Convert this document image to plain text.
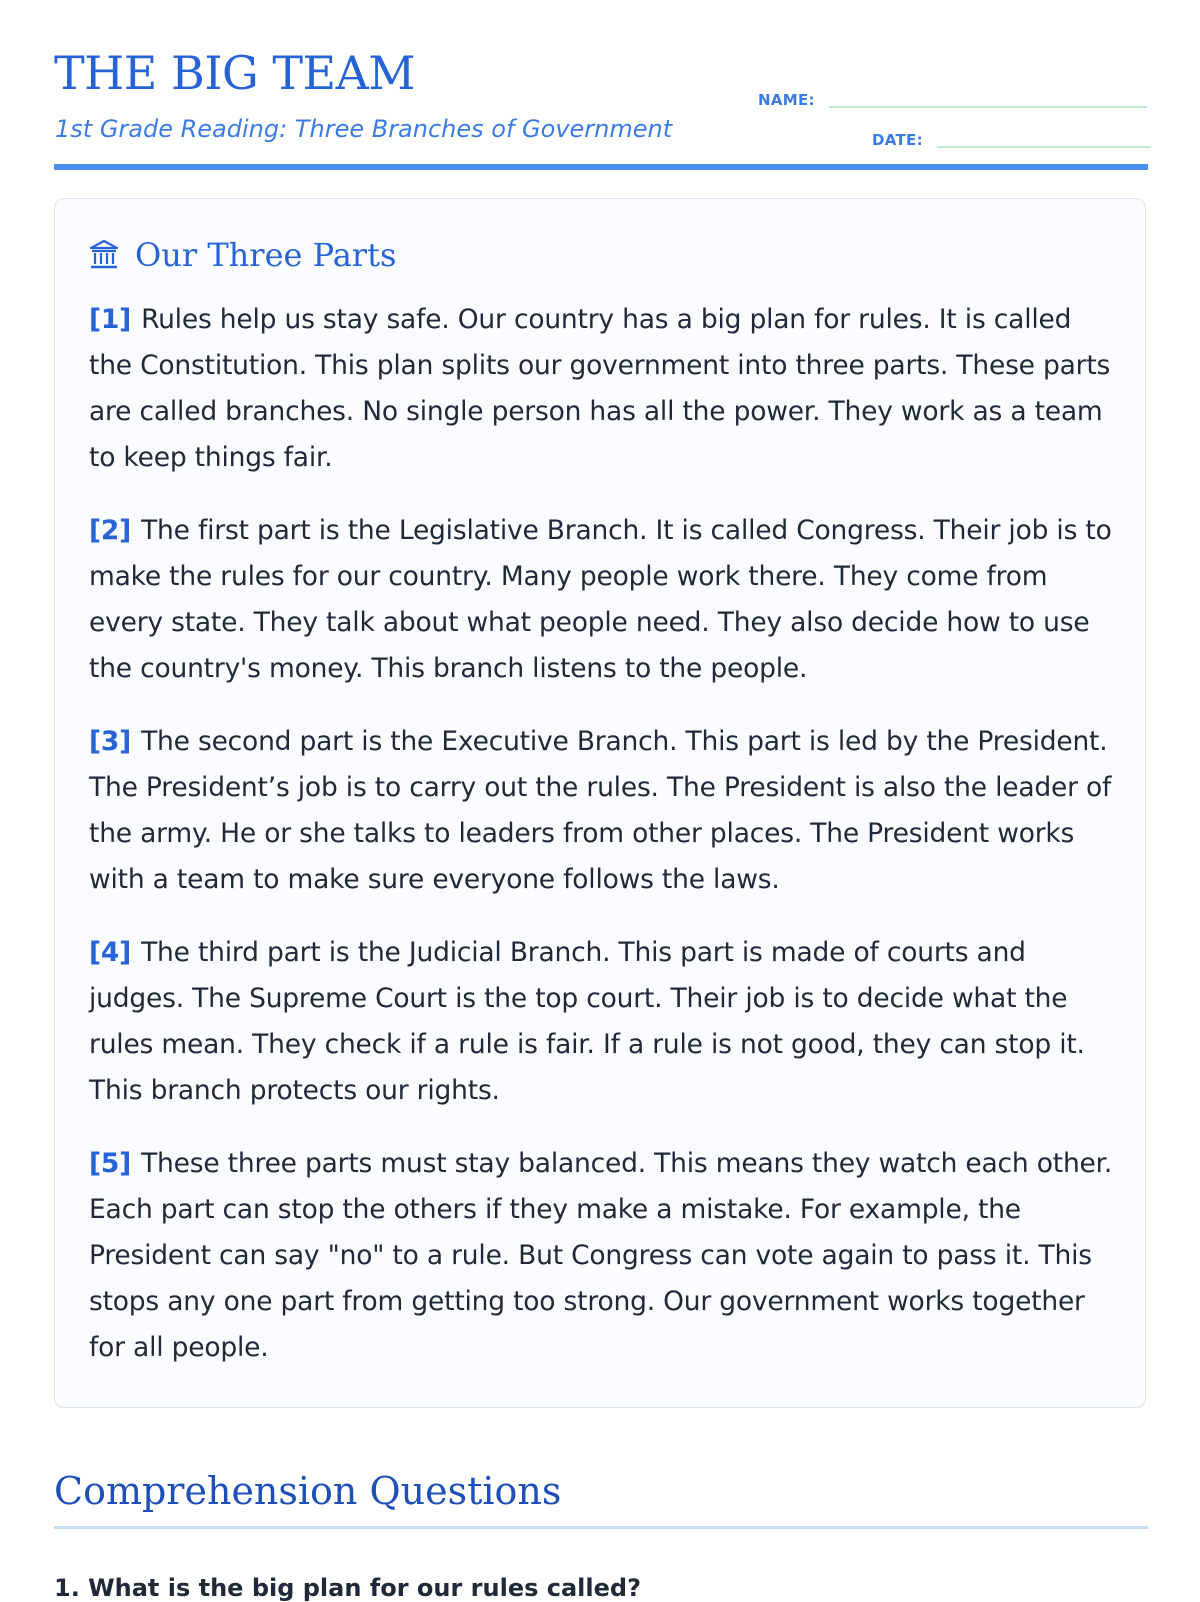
THE BIG TEAM

1st Grade Reading: Three Branches of Government

NAME:
DATE:
Our Three Parts

[1] Rules help us stay safe. Our country has a big plan for rules. It is called the Constitution. This plan splits our government into three parts. These parts are called branches. No single person has all the power. They work as a team to keep things fair.

[2] The first part is the Legislative Branch. It is called Congress. Their job is to make the rules for our country. Many people work there. They come from every state. They talk about what people need. They also decide how to use the country's money. This branch listens to the people.

[3] The second part is the Executive Branch. This part is led by the President. The President’s job is to carry out the rules. The President is also the leader of the army. He or she talks to leaders from other places. The President works with a team to make sure everyone follows the laws.

[4] The third part is the Judicial Branch. This part is made of courts and judges. The Supreme Court is the top court. Their job is to decide what the rules mean. They check if a rule is fair. If a rule is not good, they can stop it. This branch protects our rights.

[5] These three parts must stay balanced. This means they watch each other. Each part can stop the others if they make a mistake. For example, the President can say "no" to a rule. But Congress can vote again to pass it. This stops any one part from getting too strong. Our government works together for all people.

Comprehension Questions

1. What is the big plan for our rules called?
